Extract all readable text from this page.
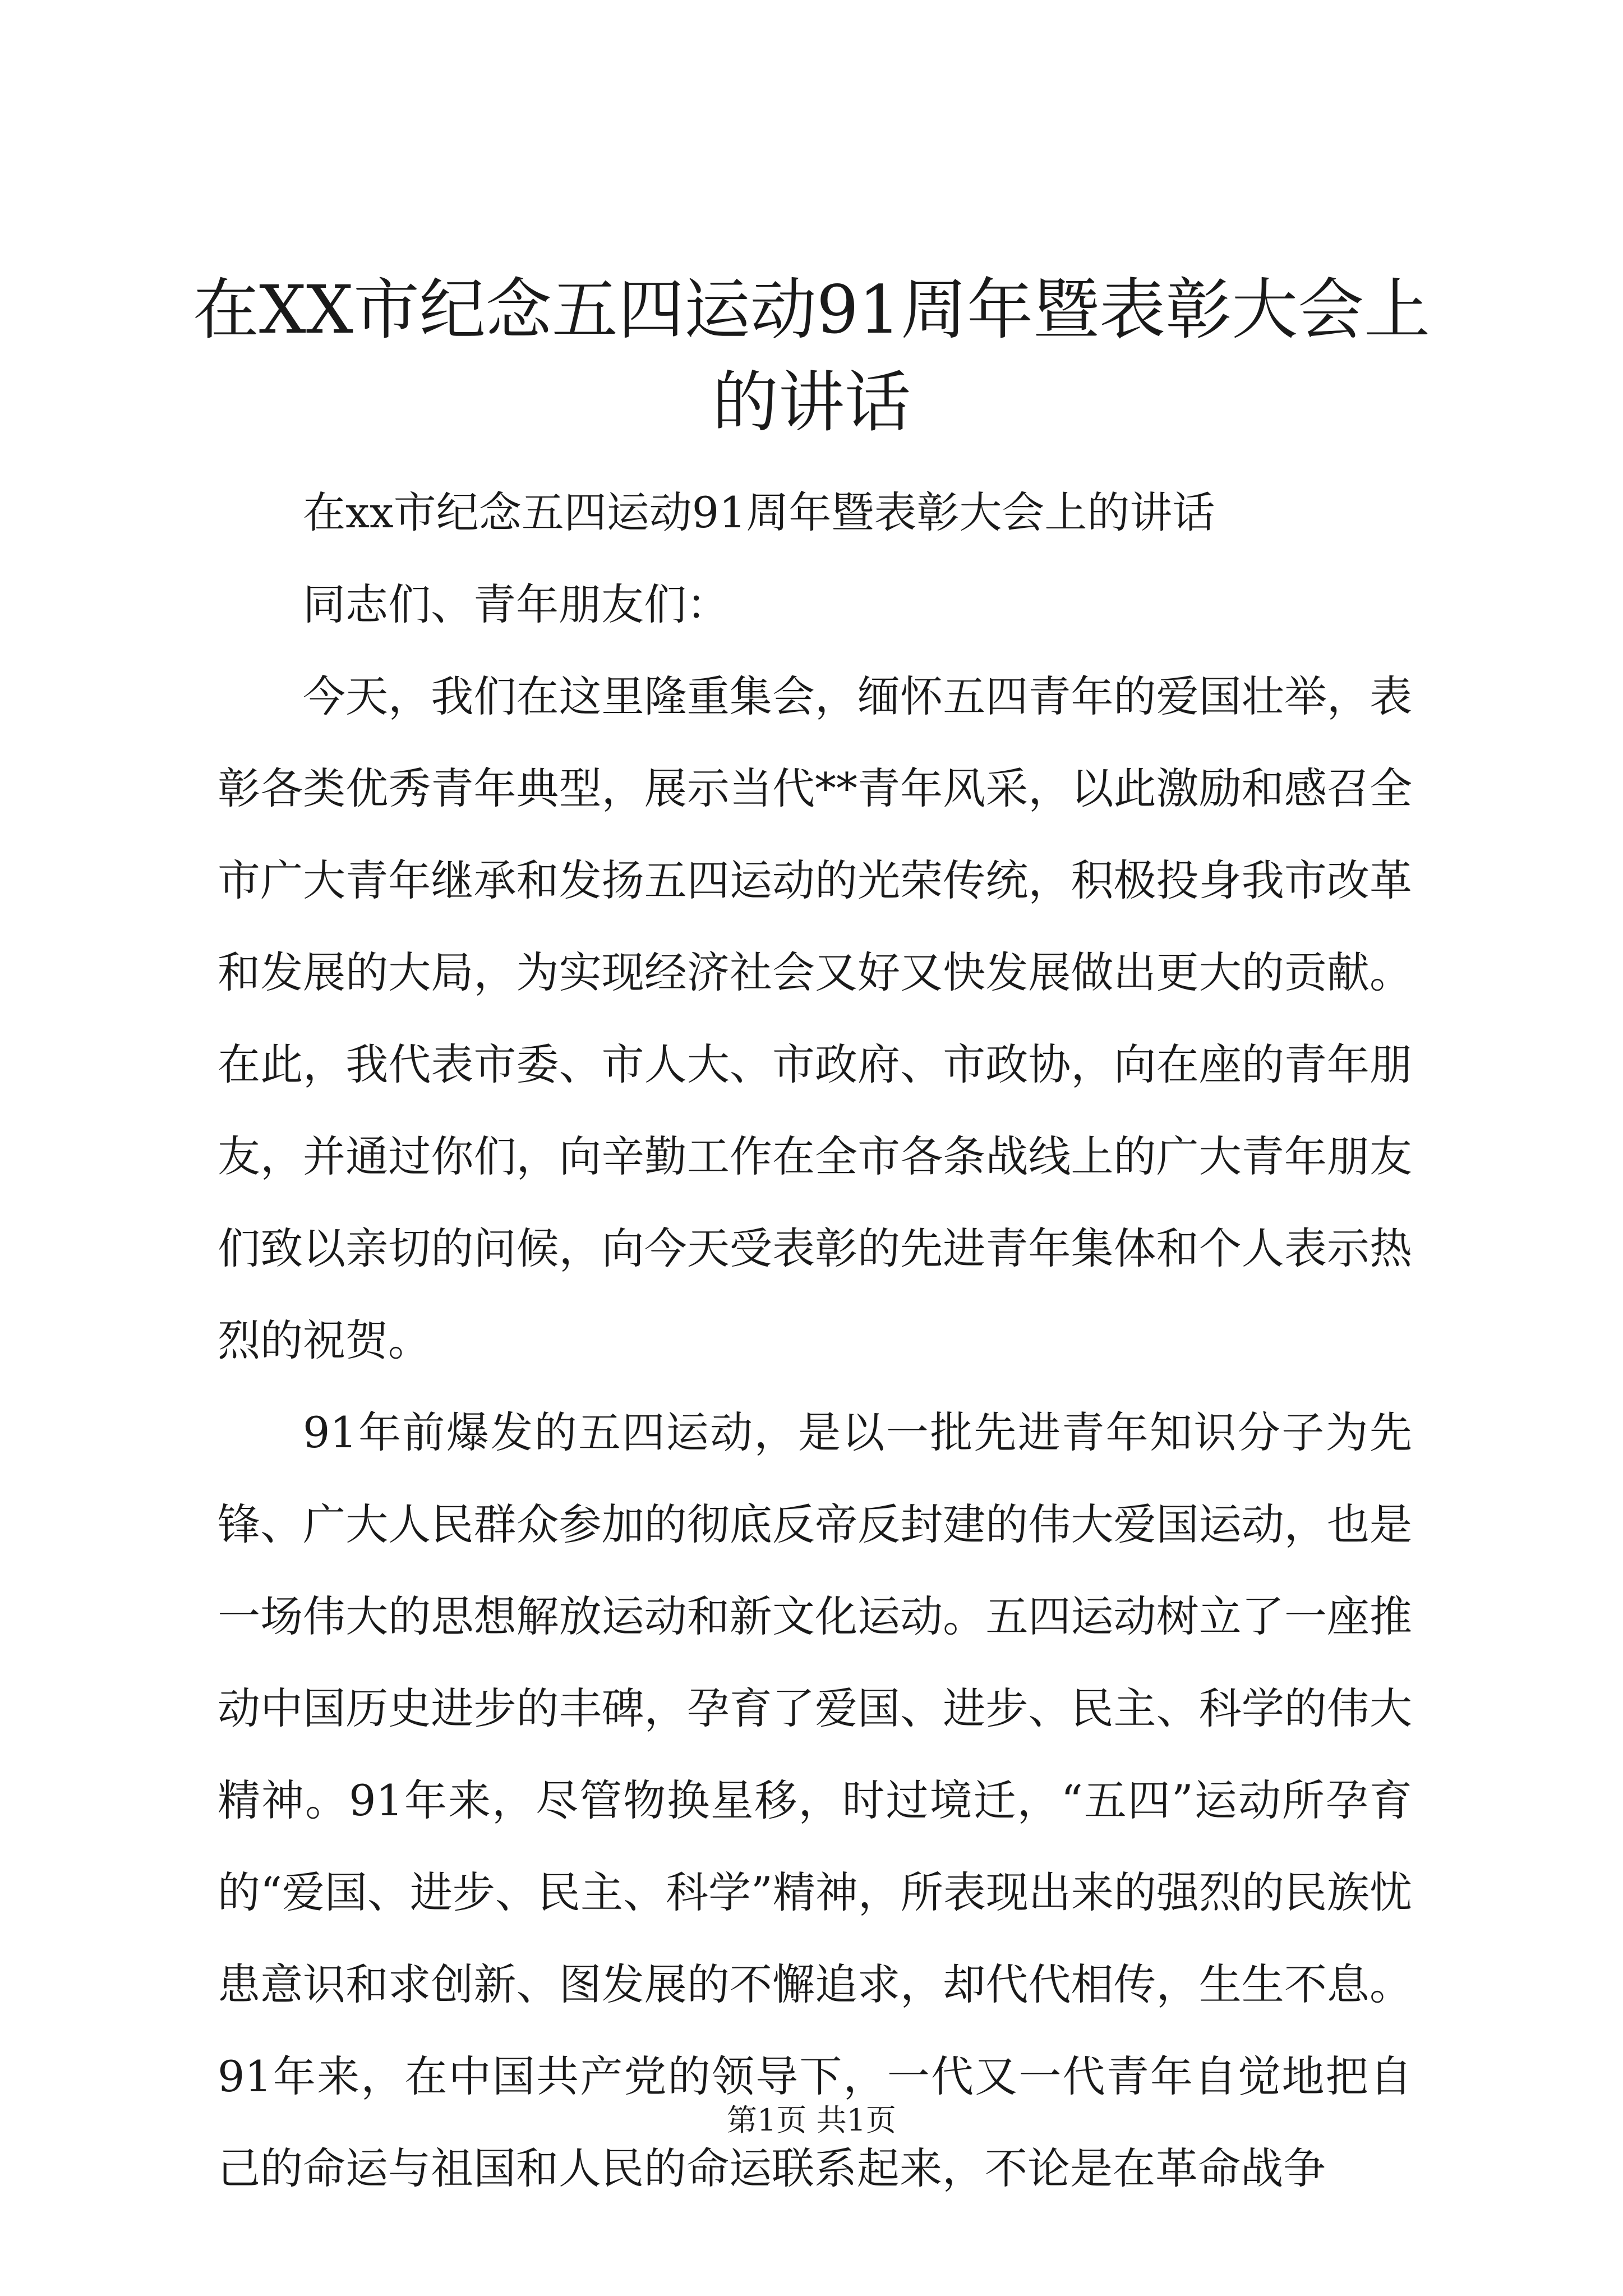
在XX市纪念五四运动91周年暨表彰大会上的讲话

在xx市纪念五四运动91周年暨表彰大会上的讲话

同志们、青年朋友们：

今天，我们在这里隆重集会，缅怀五四青年的爱国壮举，表彰各类优秀青年典型，展示当代**青年风采，以此激励和感召全市广大青年继承和发扬五四运动的光荣传统，积极投身我市改革和发展的大局，为实现经济社会又好又快发展做出更大的贡献。在此，我代表市委、市人大、市政府、市政协，向在座的青年朋友，并通过你们，向辛勤工作在全市各条战线上的广大青年朋友们致以亲切的问候，向今天受表彰的先进青年集体和个人表示热烈的祝贺。

91年前爆发的五四运动，是以一批先进青年知识分子为先锋、广大人民群众参加的彻底反帝反封建的伟大爱国运动，也是一场伟大的思想解放运动和新文化运动。五四运动树立了一座推动中国历史进步的丰碑，孕育了爱国、进步、民主、科学的伟大精神。91年来，尽管物换星移，时过境迁，“五四”运动所孕育的“爱国、进步、民主、科学”精神，所表现出来的强烈的民族忧患意识和求创新、图发展的不懈追求，却代代相传，生生不息。91年来，在中国共产党的领导下，一代又一代青年自觉地把自己的命运与祖国和人民的命运联系起来，不论是在革命战争

第1页 共1页
